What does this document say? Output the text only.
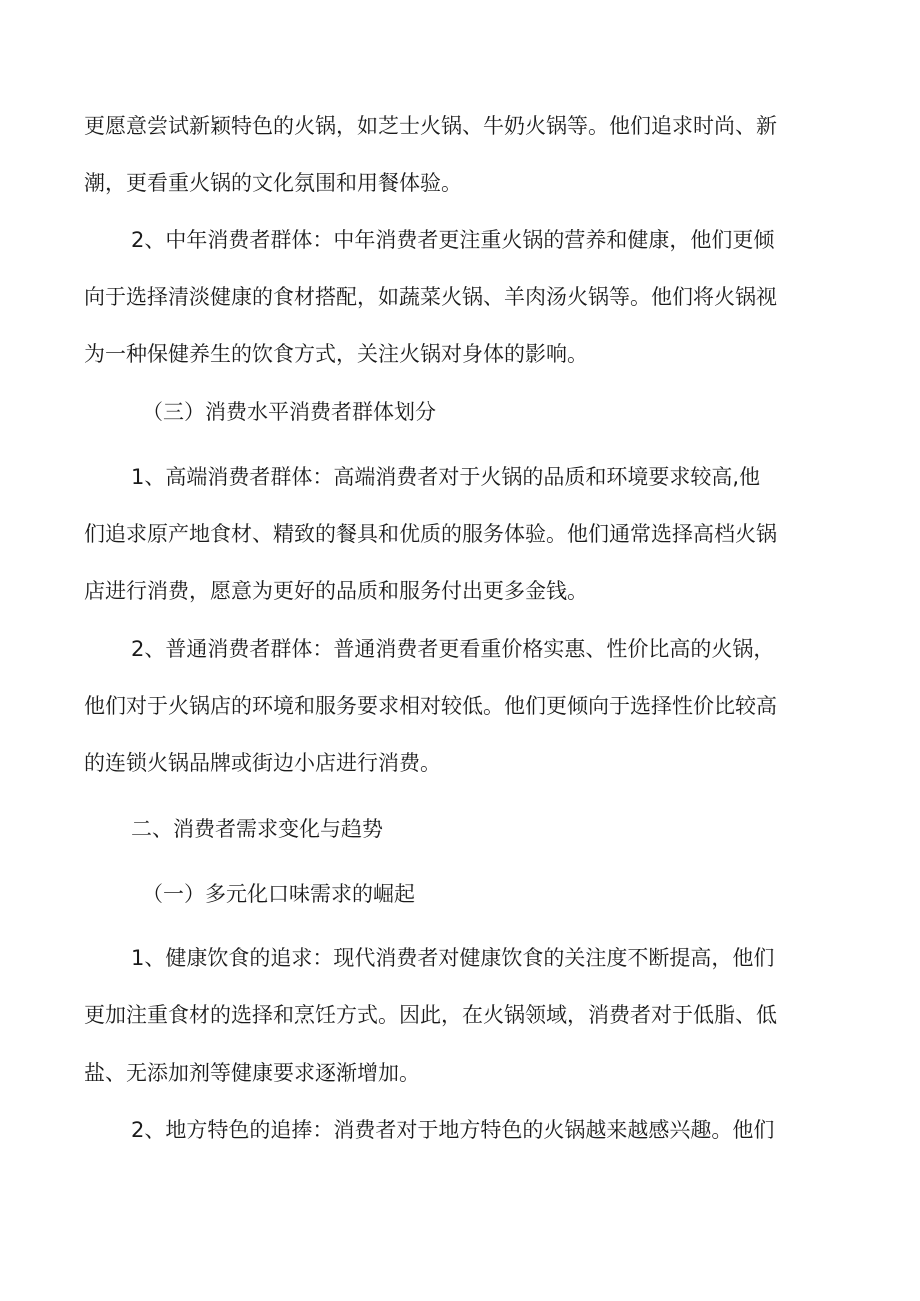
更愿意尝试新颖特色的火锅，如芝士火锅、牛奶火锅等。他们追求时尚、新
潮，更看重火锅的文化氛围和用餐体验。
2、中年消费者群体：中年消费者更注重火锅的营养和健康，他们更倾
向于选择清淡健康的食材搭配，如蔬菜火锅、羊肉汤火锅等。他们将火锅视
为一种保健养生的饮食方式，关注火锅对身体的影响。
（三）消费水平消费者群体划分
1、高端消费者群体：高端消费者对于火锅的品质和环境要求较高,他
们追求原产地食材、精致的餐具和优质的服务体验。他们通常选择高档火锅
店进行消费，愿意为更好的品质和服务付出更多金钱。
2、普通消费者群体：普通消费者更看重价格实惠、性价比高的火锅，
他们对于火锅店的环境和服务要求相对较低。他们更倾向于选择性价比较高
的连锁火锅品牌或街边小店进行消费。
二、消费者需求变化与趋势
（一）多元化口味需求的崛起
1、健康饮食的追求：现代消费者对健康饮食的关注度不断提高，他们
更加注重食材的选择和烹饪方式。因此，在火锅领域，消费者对于低脂、低
盐、无添加剂等健康要求逐渐增加。
2、地方特色的追捧：消费者对于地方特色的火锅越来越感兴趣。他们
